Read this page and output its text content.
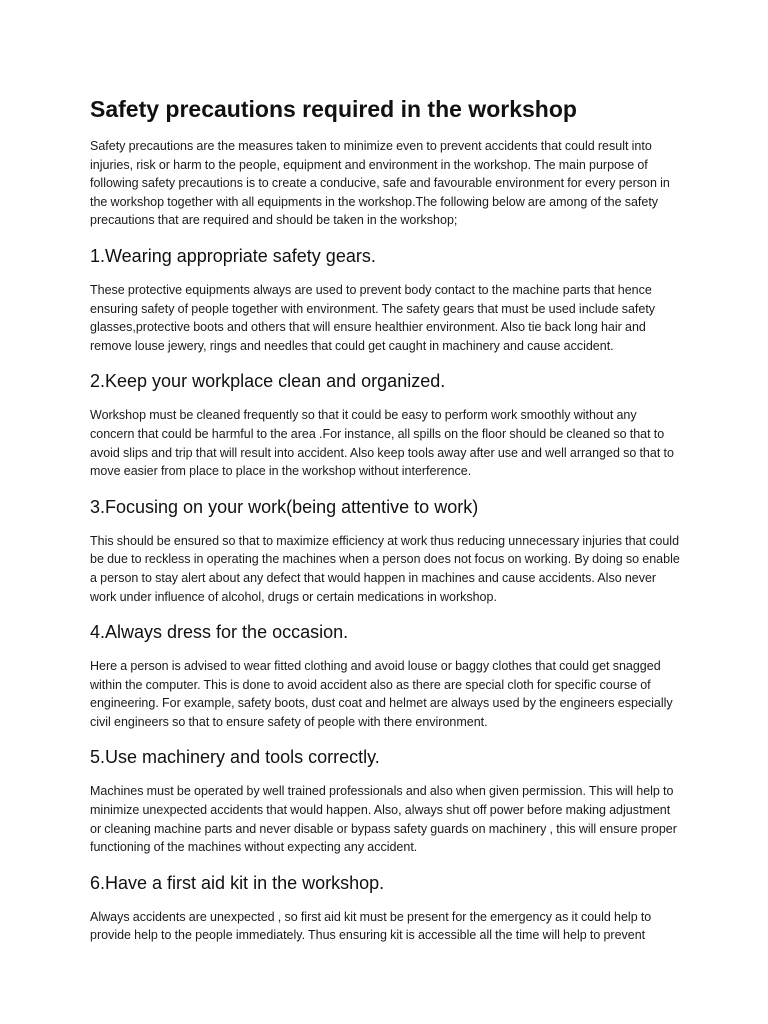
Safety precautions required in the workshop

Safety precautions are the measures taken to minimize even to prevent accidents that could result into injuries, risk or harm to the people, equipment and environment in the workshop. The main purpose of following safety precautions is to create a conducive, safe and favourable environment for every person in the workshop together with all equipments in the workshop.The following below are among of the safety precautions that are required and should be taken in the workshop;

1.Wearing appropriate safety gears.

These protective equipments always are used to prevent body contact to the machine parts that hence ensuring safety of people together with environment. The safety gears that must be used include safety glasses,protective boots and others that will ensure healthier environment. Also tie back long hair and remove louse jewery, rings and needles that could get caught in machinery and cause accident.

2.Keep your workplace clean and organized.

Workshop must be cleaned frequently so that it could be easy to perform work smoothly without any concern that could be harmful to the area .For instance, all spills on the floor should be cleaned so that to avoid slips and trip that will result into accident. Also keep tools away after use and well arranged so that to move easier from place to place in the workshop without interference.

3.Focusing on your work(being attentive to work)

This should be ensured so that to maximize efficiency at work thus reducing unnecessary injuries that could be due to reckless in operating the machines when a person does not focus on working. By doing so enable a person to stay alert about any defect that would happen in machines and cause accidents. Also never work under influence of alcohol, drugs or certain medications in workshop.

4.Always dress for the occasion.

Here a person is advised to wear fitted clothing and avoid louse or baggy clothes that could get snagged within the computer. This is done to avoid accident also as there are special cloth for specific course of engineering. For example, safety boots, dust coat and helmet are always used by the engineers especially civil engineers so that to ensure safety of people with there environment.

5.Use machinery and tools correctly.

Machines must be operated by well trained professionals and also when given permission. This will help to minimize unexpected accidents that would happen. Also, always shut off power before making adjustment or cleaning machine parts and never disable or bypass safety guards on machinery , this will ensure proper functioning of the machines without expecting any accident.

6.Have a first aid kit in the workshop.

Always accidents are unexpected , so first aid kit must be present for the emergency as it could help to provide help to the people immediately. Thus ensuring kit is accessible all the time will help to prevent
